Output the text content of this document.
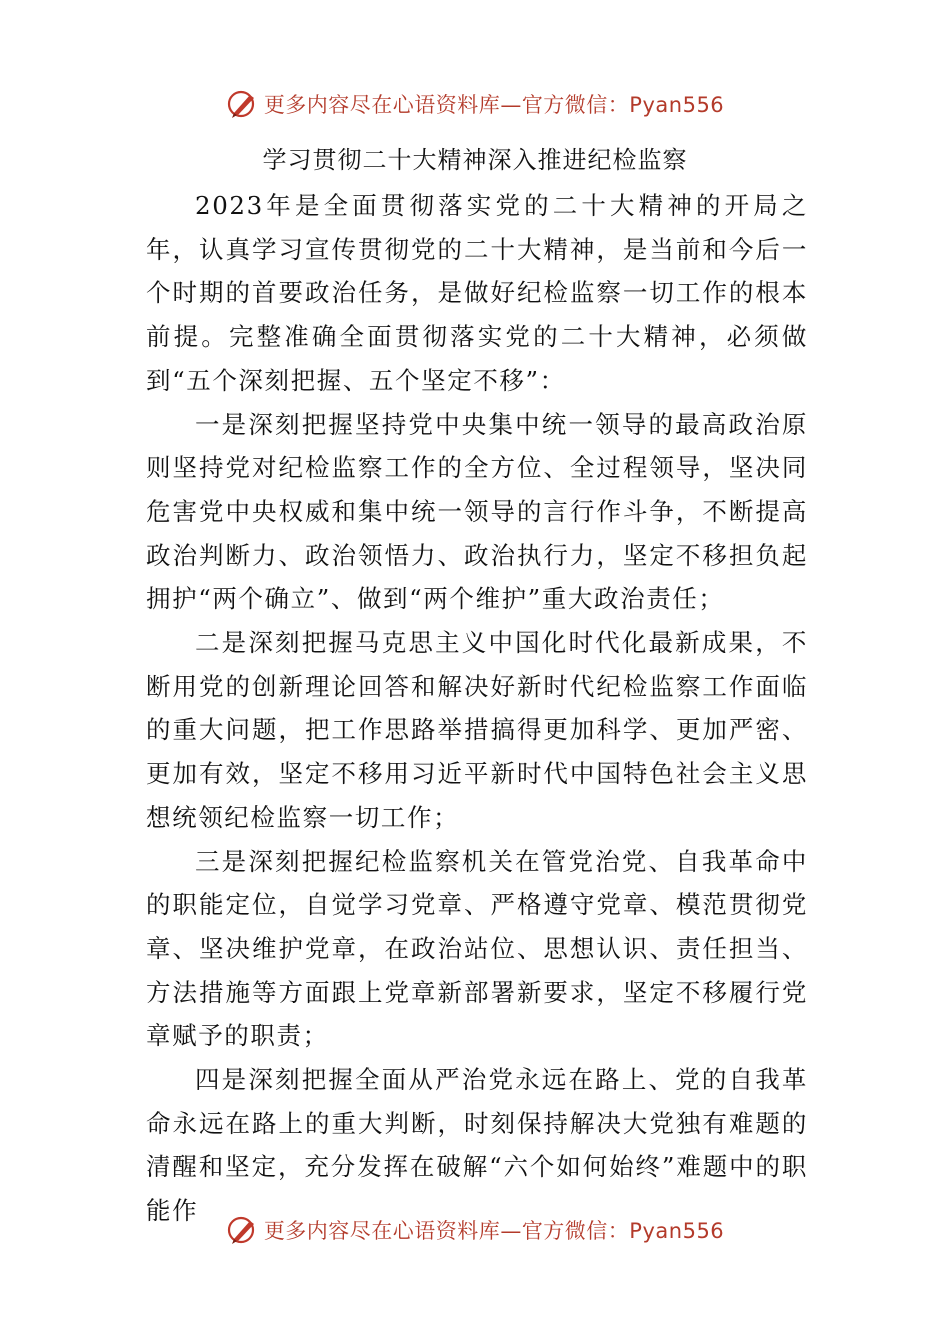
更多内容尽在心语资料库—官方微信：Pyan556
学习贯彻二十大精神深入推进纪检监察

2023年是全面贯彻落实党的二十大精神的开局之年，认真学习宣传贯彻党的二十大精神，是当前和今后一个时期的首要政治任务，是做好纪检监察一切工作的根本前提。完整准确全面贯彻落实党的二十大精神，必须做到“五个深刻把握、五个坚定不移”：

一是深刻把握坚持党中央集中统一领导的最高政治原则坚持党对纪检监察工作的全方位、全过程领导，坚决同危害党中央权威和集中统一领导的言行作斗争，不断提高政治判断力、政治领悟力、政治执行力，坚定不移担负起拥护“两个确立”、做到“两个维护”重大政治责任；

二是深刻把握马克思主义中国化时代化最新成果，不断用党的创新理论回答和解决好新时代纪检监察工作面临的重大问题，把工作思路举措搞得更加科学、更加严密、更加有效，坚定不移用习近平新时代中国特色社会主义思想统领纪检监察一切工作；

三是深刻把握纪检监察机关在管党治党、自我革命中的职能定位，自觉学习党章、严格遵守党章、模范贯彻党章、坚决维护党章，在政治站位、思想认识、责任担当、方法措施等方面跟上党章新部署新要求，坚定不移履行党章赋予的职责；

四是深刻把握全面从严治党永远在路上、党的自我革命永远在路上的重大判断，时刻保持解决大党独有难题的清醒和坚定，充分发挥在破解“六个如何始终”难题中的职能作

更多内容尽在心语资料库—官方微信：Pyan556
